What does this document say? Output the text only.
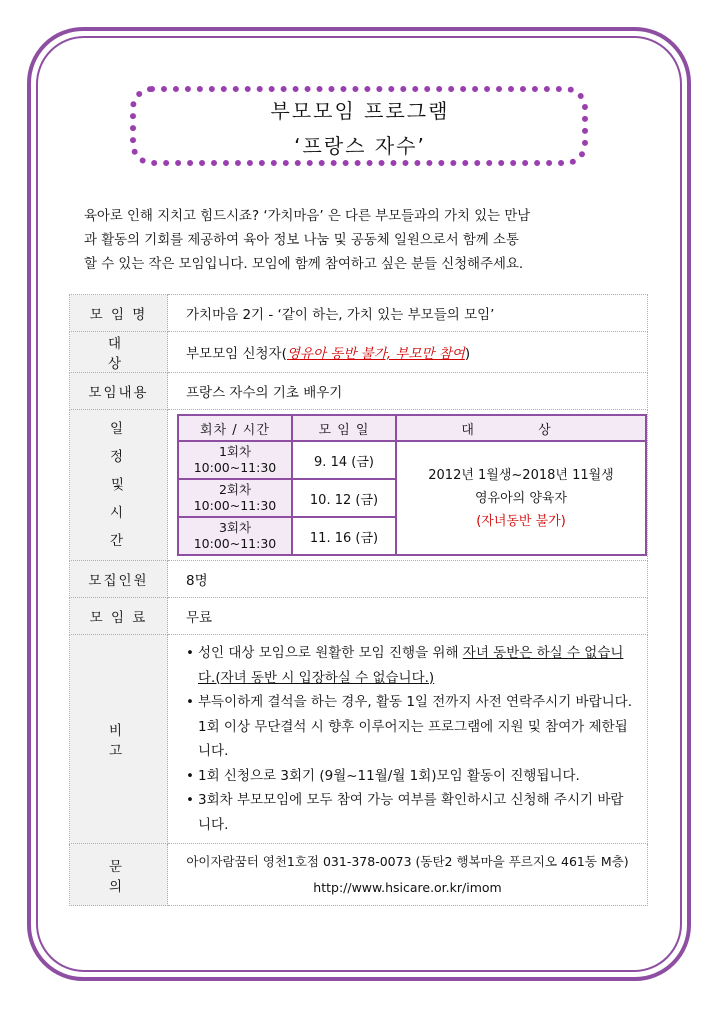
부모모임 프로그램
‘프랑스 자수’

육아로 인해 지치고 힘드시죠? ‘가치마음’ 은 다른 부모들과의 가치 있는 만남

과 활동의 기회를 제공하여 육아 정보 나눔 및 공동체 일원으로서 함께 소통

할 수 있는 작은 모임입니다. 모임에 함께 참여하고 싶은 분들 신청해주세요.

모 임 명	가치마음 2기 - ‘같이 하는, 가치 있는 부모들의 모임’
대 상	부모모임 신청자(영유아 동반 불가, 부모만 참여)
모임내용	프랑스 자수의 기초 배우기

일 정
및
시 간

회차 / 시간	모 임 일	대 상

1회차
10:00~11:30	9. 14 (금)	
2012년 1월생~2018년 11월생
영유아의 양육자
(자녀동반 불가)

2회차
10:00~11:30	10. 12 (금)

3회차
10:00~11:30	11. 16 (금)

모집인원	8명
모 임 료	무료
비 고	
• 성인 대상 모임으로 원활한 모임 진행을 위해 자녀 동반은 하실 수 없습니다.(자녀 동반 시 입장하실 수 없습니다.)
• 부득이하게 결석을 하는 경우, 활동 1일 전까지 사전 연락주시기 바랍니다. 1회 이상 무단결석 시 향후 이루어지는 프로그램에 지원 및 참여가 제한됩니다.
• 1회 신청으로 3회기 (9월~11월/월 1회)모임 활동이 진행됩니다.
• 3회차 부모모임에 모두 참여 가능 여부를 확인하시고 신청해 주시기 바랍니다.

문 의	
아이자람꿈터 영천1호점 031-378-0073 (동탄2 행복마을 푸르지오 461동 M층)
http://www.hsicare.or.kr/imom
